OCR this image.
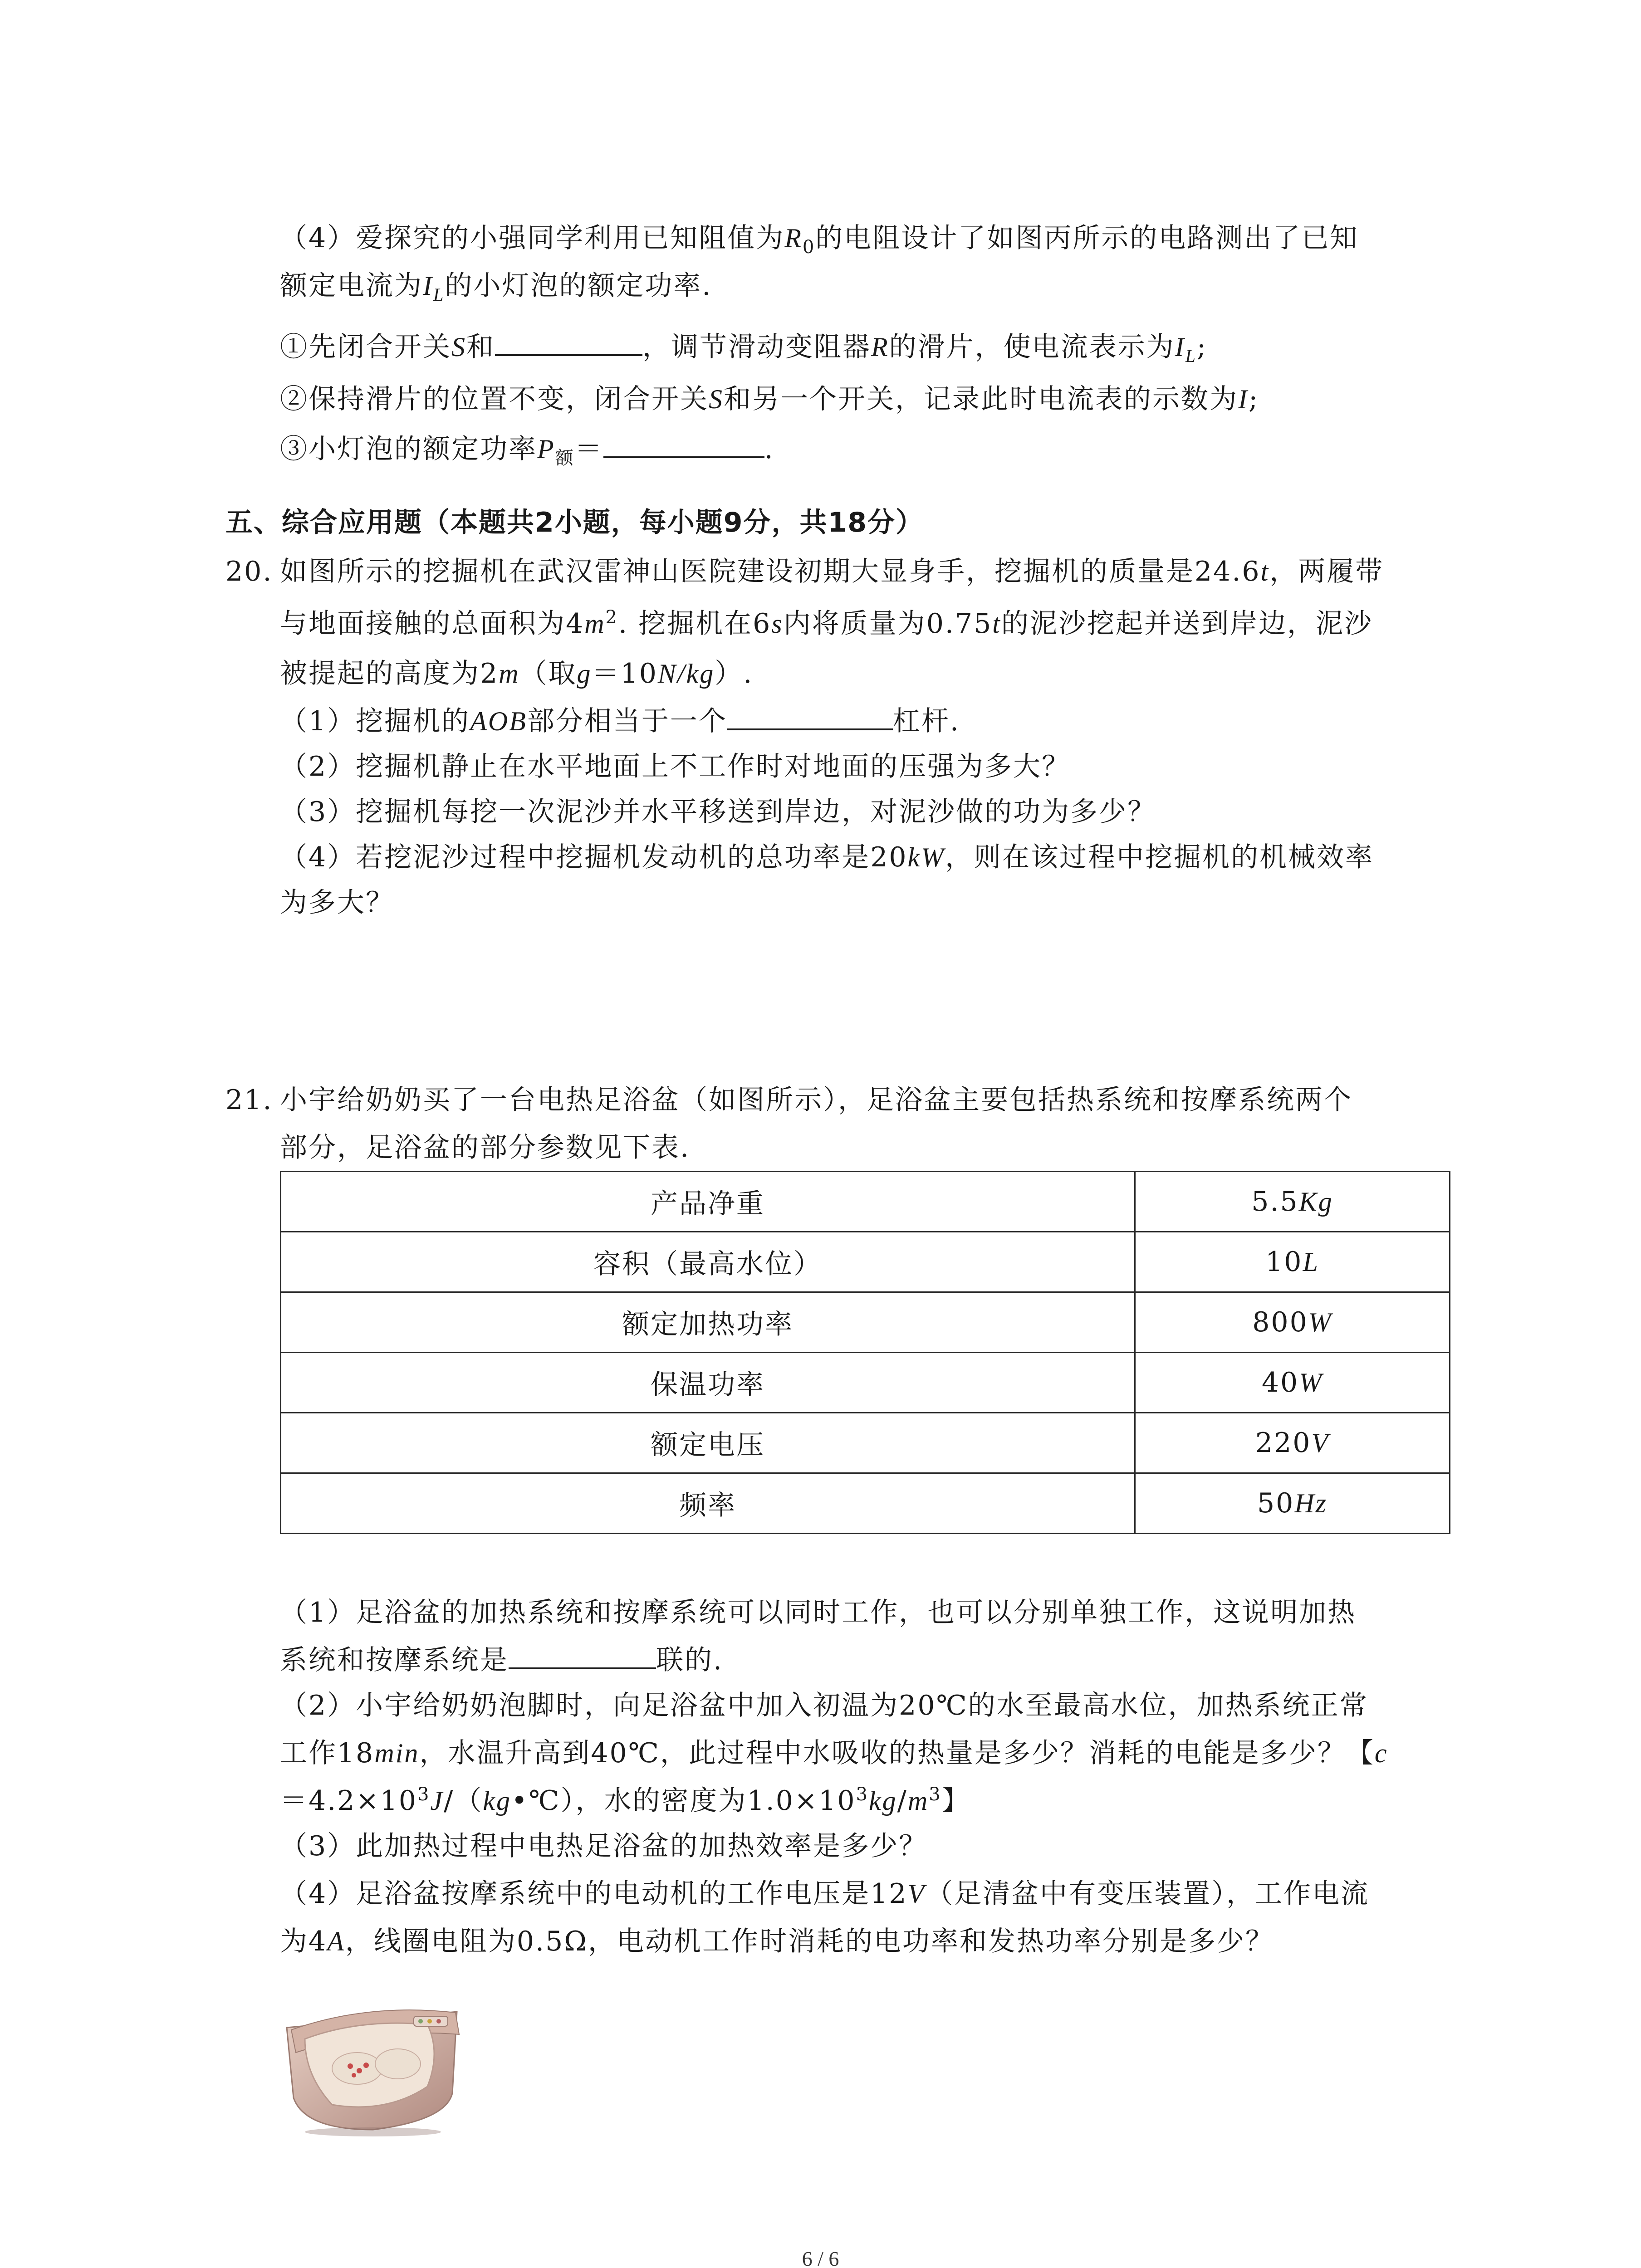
（4）爱探究的小强同学利用已知阻值为$R_0$的电阻设计了如图丙所示的电路测出了已知
额定电流为$I_L$的小灯泡的额定功率.
①先闭合开关S和	，调节滑动变阻器R的滑片，使电流表示为$I_L$;
②保持滑片的位置不变，闭合开关S和另一个开关，记录此时电流表的示数为I;
③小灯泡的额定功率$P_额=$	.
五、综合应用题（本题共2小题，每小题9分，共18分）
20. 如图所示的挖掘机在武汉雷神山医院建设初期大显身手，挖掘机的质量是24.6t，两履带
与地面接触的总面积为$4m^2$. 挖掘机在6s内将质量为0.75t的泥沙挖起并送到岸边，泥沙
被提起的高度为2m（取g＝10N/kg）.
（1）挖掘机的AOB部分相当于一个	杠杆.
（2）挖掘机静止在水平地面上不工作时对地面的压强为多大？
（3）挖掘机每挖一次泥沙并水平移送到岸边，对泥沙做的功为多少？
（4）若挖泥沙过程中挖掘机发动机的总功率是20kW，则在该过程中挖掘机的机械效率
为多大？
21. 小宇给奶奶买了一台电热足浴盆（如图所示），足浴盆主要包括热系统和按摩系统两个
部分，足浴盆的部分参数见下表.
产品净重	5.5Kg
容积（最高水位）	10L
额定加热功率	800W
保温功率	40W
额定电压	220V
频率	50Hz
（1）足浴盆的加热系统和按摩系统可以同时工作，也可以分别单独工作，这说明加热
系统和按摩系统是	联的.
（2）小宇给奶奶泡脚时，向足浴盆中加入初温为20℃的水至最高水位，加热系统正常
工作18min，水温升高到40℃，此过程中水吸收的热量是多少？消耗的电能是多少？【c
$=4.2\times 10^3J/(kg•℃)$，水的密度为$1.0\times 10^3kg/m^3$】
（3）此加热过程中电热足浴盆的加热效率是多少？
（4）足浴盆按摩系统中的电动机的工作电压是12V（足清盆中有变压装置），工作电流
为4A，线圈电阻为0.5Ω，电动机工作时消耗的电功率和发热功率分别是多少？
6 / 6
